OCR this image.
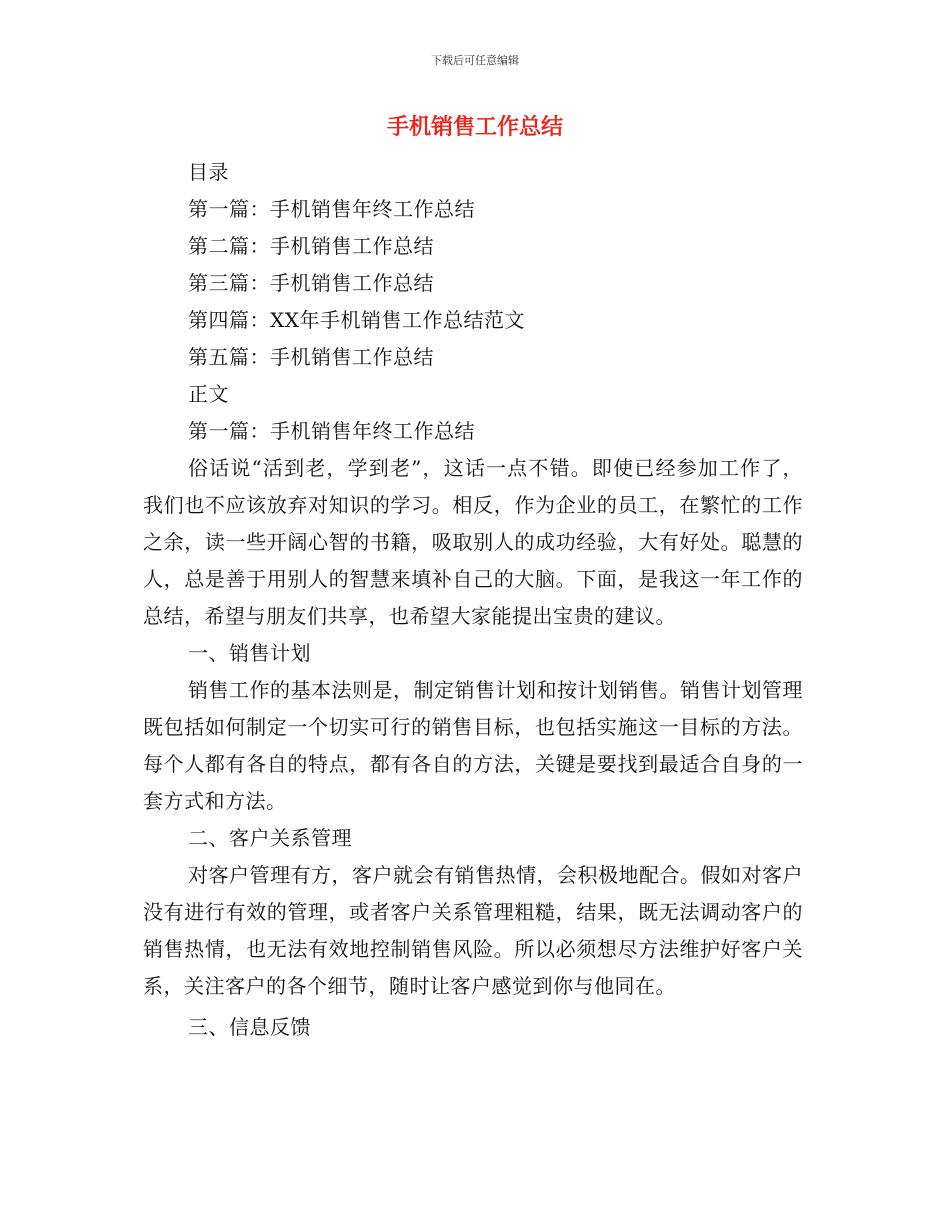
下载后可任意编辑
手机销售工作总结

目录

第一篇：手机销售年终工作总结

第二篇：手机销售工作总结

第三篇：手机销售工作总结

第四篇：XX年手机销售工作总结范文

第五篇：手机销售工作总结

正文

第一篇：手机销售年终工作总结

俗话说“活到老，学到老”，这话一点不错。即使已经参加工作了，我们也不应该放弃对知识的学习。相反，作为企业的员工，在繁忙的工作之余，读一些开阔心智的书籍，吸取别人的成功经验，大有好处。聪慧的人，总是善于用别人的智慧来填补自己的大脑。下面，是我这一年工作的总结，希望与朋友们共享，也希望大家能提出宝贵的建议。

一、销售计划

销售工作的基本法则是，制定销售计划和按计划销售。销售计划管理既包括如何制定一个切实可行的销售目标，也包括实施这一目标的方法。每个人都有各自的特点，都有各自的方法，关键是要找到最适合自身的一套方式和方法。

二、客户关系管理

对客户管理有方，客户就会有销售热情，会积极地配合。假如对客户没有进行有效的管理，或者客户关系管理粗糙，结果，既无法调动客户的销售热情，也无法有效地控制销售风险。所以必须想尽方法维护好客户关系，关注客户的各个细节，随时让客户感觉到你与他同在。

三、信息反馈
